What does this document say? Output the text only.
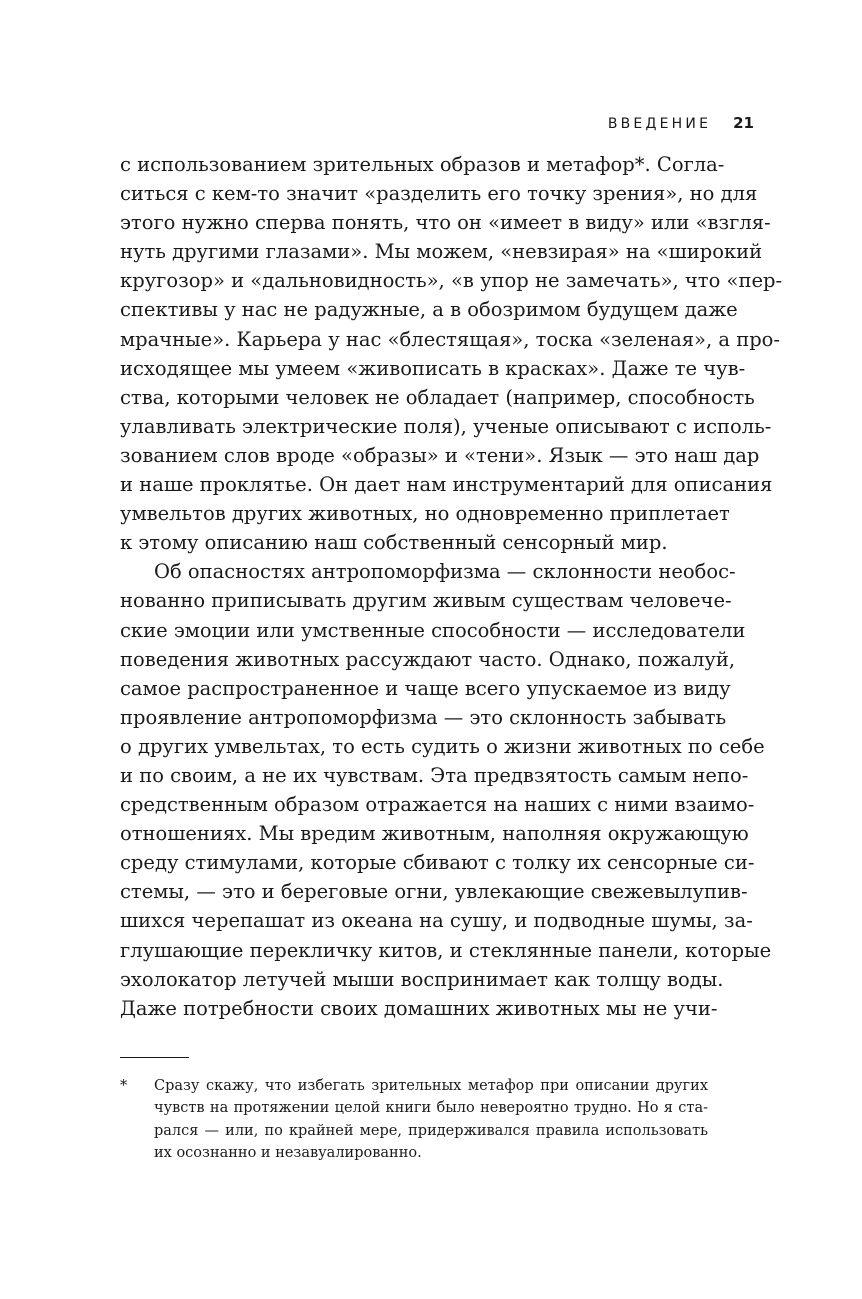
ВВЕДЕНИЕ 21
с использованием зрительных образов и метафор*. Согла-
ситься с кем-то значит «разделить его точку зрения», но для
этого нужно сперва понять, что он «имеет в виду» или «взгля-
нуть другими глазами». Мы можем, «невзирая» на «широкий
кругозор» и «дальновидность», «в упор не замечать», что «пер-
спективы у нас не радужные, а в обозримом будущем даже
мрачные». Карьера у нас «блестящая», тоска «зеленая», а про-
исходящее мы умеем «живописать в красках». Даже те чув-
ства, которыми человек не обладает (например, способность
улавливать электрические поля), ученые описывают с исполь-
зованием слов вроде «образы» и «тени». Язык — это наш дар
и наше проклятье. Он дает нам инструментарий для описания
умвельтов других животных, но одновременно приплетает
к этому описанию наш собственный сенсорный мир.
Об опасностях антропоморфизма — склонности необос-
нованно приписывать другим живым существам человече-
ские эмоции или умственные способности — исследователи
поведения животных рассуждают часто. Однако, пожалуй,
самое распространенное и чаще всего упускаемое из виду
проявление антропоморфизма — это склонность забывать
о других умвельтах, то есть судить о жизни животных по себе
и по своим, а не их чувствам. Эта предвзятость самым непо-
средственным образом отражается на наших с ними взаимо-
отношениях. Мы вредим животным, наполняя окружающую
среду стимулами, которые сбивают с толку их сенсорные си-
стемы, — это и береговые огни, увлекающие свежевылупив-
шихся черепашат из океана на сушу, и подводные шумы, за-
глушающие перекличку китов, и стеклянные панели, которые
эхолокатор летучей мыши воспринимает как толщу воды.
Даже потребности своих домашних животных мы не учи-
* Сразу скажу, что избегать зрительных метафор при описании других
чувств на протяжении целой книги было невероятно трудно. Но я ста-
рался — или, по крайней мере, придерживался правила использовать
их осознанно и незавуалированно.
